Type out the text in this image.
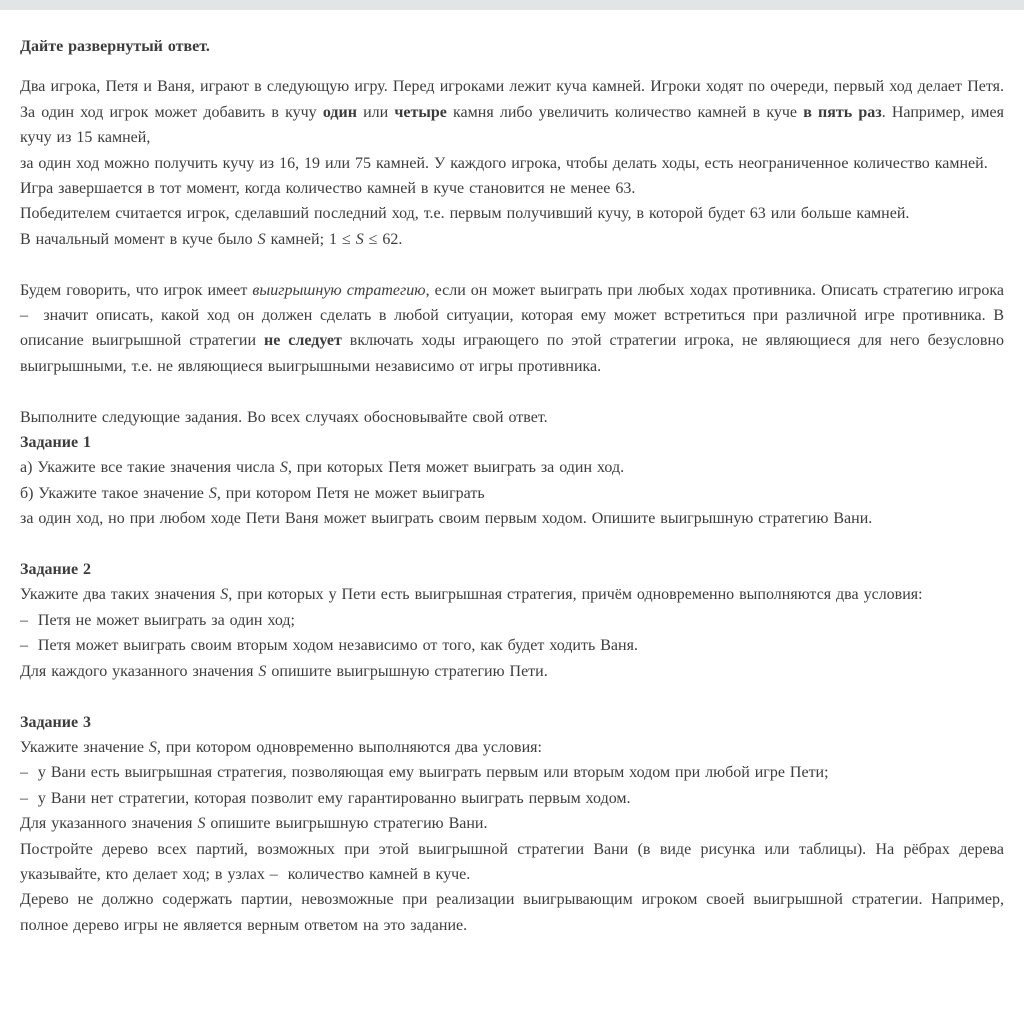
Дайте развернутый ответ.

Два игрока, Петя и Ваня, играют в следующую игру. Перед игроками лежит куча камней. Игроки ходят по очереди, первый ход делает Петя. За один ход игрок может добавить в кучу один или четыре камня либо увеличить количество камней в куче в пять раз. Например, имея кучу из 15 камней,

за один ход можно получить кучу из 16, 19 или 75 камней. У каждого игрока, чтобы делать ходы, есть неограниченное количество камней.

Игра завершается в тот момент, когда количество камней в куче становится не менее 63.

Победителем считается игрок, сделавший последний ход, т.е. первым получивший кучу, в которой будет 63 или больше камней.

В начальный момент в куче было S камней; 1 ≤ S ≤ 62.

Будем говорить, что игрок имеет выигрышную стратегию, если он может выиграть при любых ходах противника. Описать стратегию игрока –  значит описать, какой ход он должен сделать в любой ситуации, которая ему может встретиться при различной игре противника. В описание выигрышной стратегии не следует включать ходы играющего по этой стратегии игрока, не являющиеся для него безусловно выигрышными, т.е. не являющиеся выигрышными независимо от игры противника.

Выполните следующие задания. Во всех случаях обосновывайте свой ответ.

Задание 1

а) Укажите все такие значения числа S, при которых Петя может выиграть за один ход.

б) Укажите такое значение S, при котором Петя не может выиграть

за один ход, но при любом ходе Пети Ваня может выиграть своим первым ходом. Опишите выигрышную стратегию Вани.

Задание 2

Укажите два таких значения S, при которых у Пети есть выигрышная стратегия, причём одновременно выполняются два условия:

–  Петя не может выиграть за один ход;

–  Петя может выиграть своим вторым ходом независимо от того, как будет ходить Ваня.

Для каждого указанного значения S опишите выигрышную стратегию Пети.

Задание 3

Укажите значение S, при котором одновременно выполняются два условия:

–  у Вани есть выигрышная стратегия, позволяющая ему выиграть первым или вторым ходом при любой игре Пети;

–  у Вани нет стратегии, которая позволит ему гарантированно выиграть первым ходом.

Для указанного значения S опишите выигрышную стратегию Вани.

Постройте дерево всех партий, возможных при этой выигрышной стратегии Вани (в виде рисунка или таблицы). На рёбрах дерева указывайте, кто делает ход; в узлах –  количество камней в куче.

Дерево не должно содержать партии, невозможные при реализации выигрывающим игроком своей выигрышной стратегии. Например, полное дерево игры не является верным ответом на это задание.
